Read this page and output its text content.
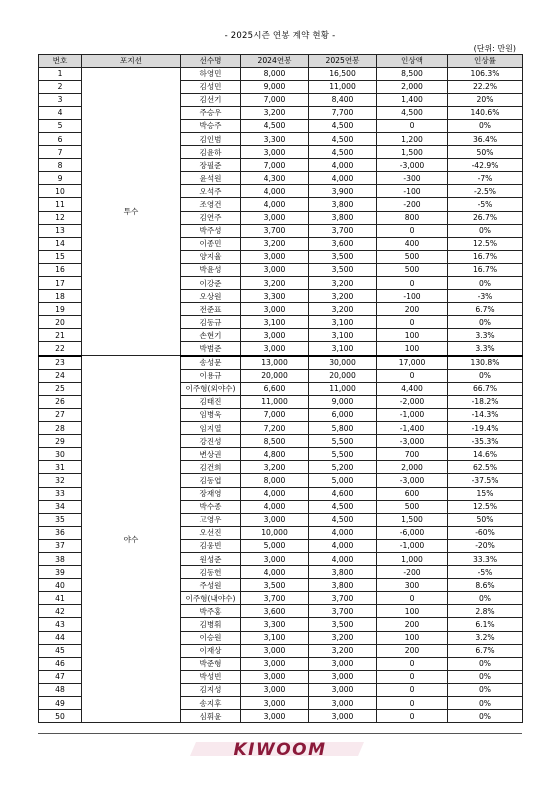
- 2025시즌 연봉 계약 현황 -
(단위: 만원)
번호	포지션	선수명	2024연봉	2025연봉	인상액	인상률
1	투수	하영민	8,000	16,500	8,500	106.3%
2		김성민	9,000	11,000	2,000	22.2%
3		김선기	7,000	8,400	1,400	20%
4		주승우	3,200	7,700	4,500	140.6%
5		박승주	4,500	4,500	0	0%
6		김인범	3,300	4,500	1,200	36.4%
7		김윤하	3,000	4,500	1,500	50%
8		장필준	7,000	4,000	-3,000	-42.9%
9		윤석원	4,300	4,000	-300	-7%
10		오석주	4,000	3,900	-100	-2.5%
11		조영건	4,000	3,800	-200	-5%
12		김연주	3,000	3,800	800	26.7%
13		박주성	3,700	3,700	0	0%
14		이종민	3,200	3,600	400	12.5%
15		양지율	3,000	3,500	500	16.7%
16		박윤성	3,000	3,500	500	16.7%
17		이강준	3,200	3,200	0	0%
18		오상원	3,300	3,200	-100	-3%
19		전준표	3,000	3,200	200	6.7%
20		김동규	3,100	3,100	0	0%
21		손현기	3,000	3,100	100	3.3%
22		박범준	3,000	3,100	100	3.3%
23	야수	송성문	13,000	30,000	17,000	130.8%
24		이용규	20,000	20,000	0	0%
25		이주형(외야수)	6,600	11,000	4,400	66.7%
26		김태진	11,000	9,000	-2,000	-18.2%
27		임병욱	7,000	6,000	-1,000	-14.3%
28		임지열	7,200	5,800	-1,400	-19.4%
29		강진성	8,500	5,500	-3,000	-35.3%
30		변상권	4,800	5,500	700	14.6%
31		김건희	3,200	5,200	2,000	62.5%
32		김동엽	8,000	5,000	-3,000	-37.5%
33		장재영	4,000	4,600	600	15%
34		박수종	4,000	4,500	500	12.5%
35		고영우	3,000	4,500	1,500	50%
36		오선진	10,000	4,000	-6,000	-60%
37		김웅빈	5,000	4,000	-1,000	-20%
38		원성준	3,000	4,000	1,000	33.3%
39		김동헌	4,000	3,800	-200	-5%
40		주성원	3,500	3,800	300	8.6%
41		이주형(내야수)	3,700	3,700	0	0%
42		박주홍	3,600	3,700	100	2.8%
43		김병휘	3,300	3,500	200	6.1%
44		이승원	3,100	3,200	100	3.2%
45		이재상	3,000	3,200	200	6.7%
46		박준형	3,000	3,000	0	0%
47		박성빈	3,000	3,000	0	0%
48		김지성	3,000	3,000	0	0%
49		송지후	3,000	3,000	0	0%
50		심휘윤	3,000	3,000	0	0%
KIWOOM
